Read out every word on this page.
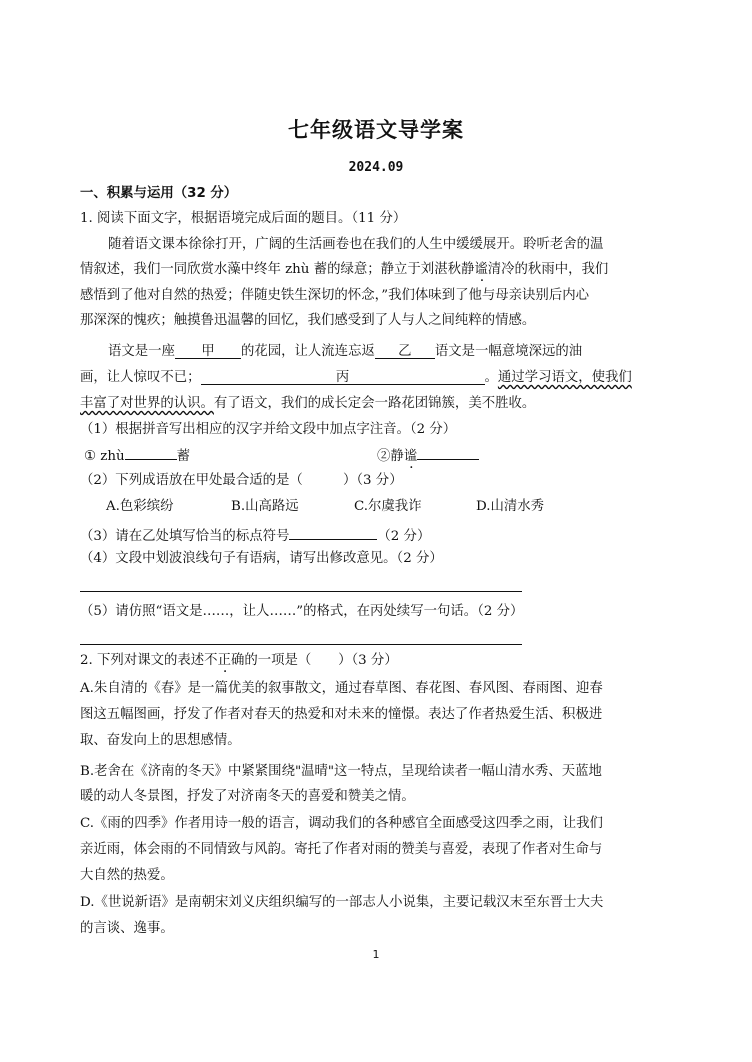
七年级语文导学案
2024.09
一、积累与运用（32 分）
1. 阅读下面文字，根据语境完成后面的题目。（11 分）
随着语文课本徐徐打开，广阔的生活画卷也在我们的人生中缓缓展开。聆听老舍的温
情叙述，我们一同欣赏水藻中终年 zhù 蓄的绿意；静立于刘湛秋静谧清冷的秋雨中，我们
感悟到了他对自然的热爱；伴随史铁生深切的怀念，”我们体味到了他与母亲诀别后内心
那深深的愧疚；触摸鲁迅温馨的回忆，我们感受到了人与人之间纯粹的情感。
语文是一座 甲 的花园，让人流连忘返 乙 语文是一幅意境深远的油
画，让人惊叹不已；	丙	。通过学习语文，使我们
丰富了对世界的认识。有了语文，我们的成长定会一路花团锦簇，美不胜收。
（1）根据拼音写出相应的汉字并给文段中加点字注音。（2 分）
① zhù	蓄	②静谧
（2）下列成语放在甲处最合适的是（　　　）（3 分）
A.色彩缤纷	B.山高路远	C.尔虞我诈	D.山清水秀
（3）请在乙处填写恰当的标点符号	（2 分）
（4）文段中划波浪线句子有语病，请写出修改意见。（2 分）
（5）请仿照“语文是……，让人……”的格式，在丙处续写一句话。（2 分）
2. 下列对课文的表述不正确的一项是（　　）（3 分）
A.朱自清的《春》是一篇优美的叙事散文，通过春草图、春花图、春风图、春雨图、迎春
图这五幅图画，抒发了作者对春天的热爱和对未来的憧憬。表达了作者热爱生活、积极进
取、奋发向上的思想感情。
B.老舍在《济南的冬天》中紧紧围绕"温晴"这一特点，呈现给读者一幅山清水秀、天蓝地
暖的动人冬景图，抒发了对济南冬天的喜爱和赞美之情。
C.《雨的四季》作者用诗一般的语言，调动我们的各种感官全面感受这四季之雨，让我们
亲近雨，体会雨的不同情致与风韵。寄托了作者对雨的赞美与喜爱，表现了作者对生命与
大自然的热爱。
D.《世说新语》是南朝宋刘义庆组织编写的一部志人小说集，主要记载汉末至东晋士大夫
的言谈、逸事。
1
